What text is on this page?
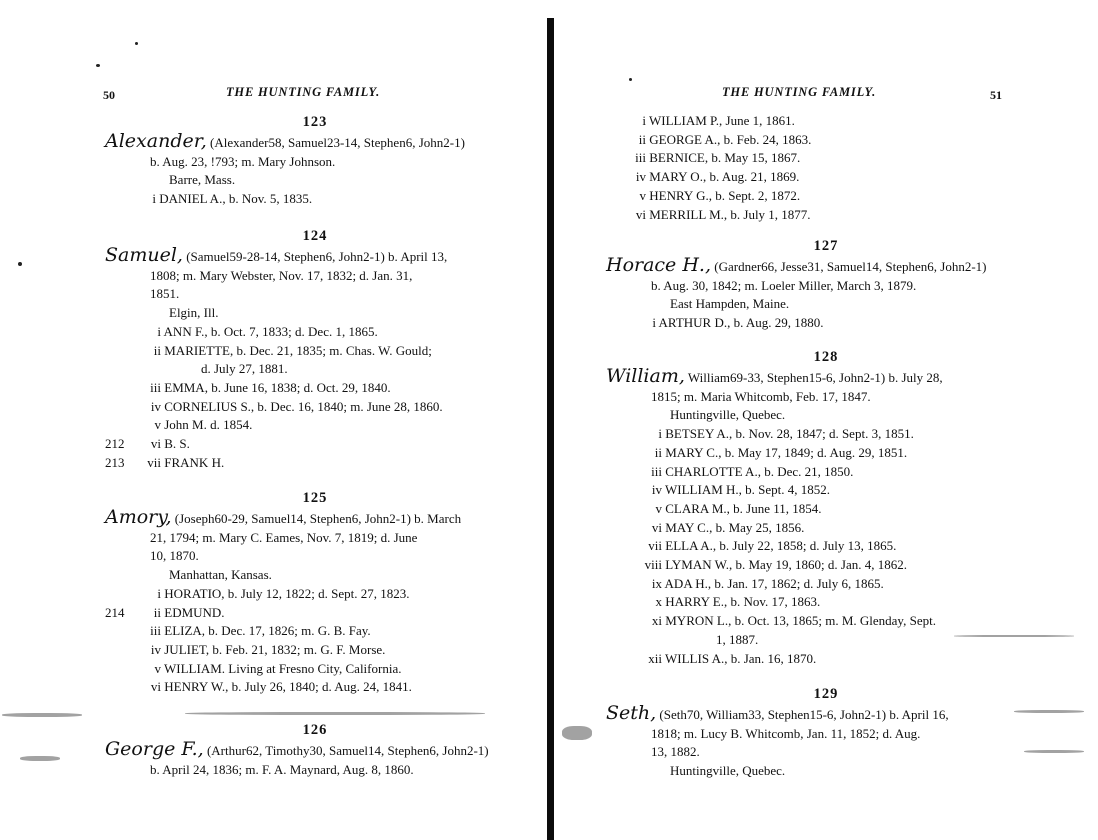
50	THE HUNTING FAMILY.
123
Alexander, (Alexander58, Samuel23-14, Stephen6, John2-1)
b. Aug. 23, !793; m. Mary Johnson.
Barre, Mass.
i DANIEL A., b. Nov. 5, 1835.
124
Samuel, (Samuel59-28-14, Stephen6, John2-1) b. April 13,
1808; m. Mary Webster, Nov. 17, 1832; d. Jan. 31,
1851.
Elgin, Ill.
i ANN F., b. Oct. 7, 1833; d. Dec. 1, 1865.
ii MARIETTE, b. Dec. 21, 1835; m. Chas. W. Gould;
d. July 27, 1881.
iii EMMA, b. June 16, 1838; d. Oct. 29, 1840.
iv CORNELIUS S., b. Dec. 16, 1840; m. June 28, 1860.
v John M. d. 1854.
212 vi B. S.
213 vii FRANK H.
125
Amory, (Joseph60-29, Samuel14, Stephen6, John2-1) b. March
21, 1794; m. Mary C. Eames, Nov. 7, 1819; d. June
10, 1870.
Manhattan, Kansas.
i HORATIO, b. July 12, 1822; d. Sept. 27, 1823.
214 ii EDMUND.
iii ELIZA, b. Dec. 17, 1826; m. G. B. Fay.
iv JULIET, b. Feb. 21, 1832; m. G. F. Morse.
v WILLIAM. Living at Fresno City, California.
vi HENRY W., b. July 26, 1840; d. Aug. 24, 1841.
126
George F., (Arthur62, Timothy30, Samuel14, Stephen6, John2-1)
b. April 24, 1836; m. F. A. Maynard, Aug. 8, 1860.
THE HUNTING FAMILY.	51
i WILLIAM P., June 1, 1861.
ii GEORGE A., b. Feb. 24, 1863.
iii BERNICE, b. May 15, 1867.
iv MARY O., b. Aug. 21, 1869.
v HENRY G., b. Sept. 2, 1872.
vi MERRILL M., b. July 1, 1877.
127
Horace H., (Gardner66, Jesse31, Samuel14, Stephen6, John2-1)
b. Aug. 30, 1842; m. Loeler Miller, March 3, 1879.
East Hampden, Maine.
i ARTHUR D., b. Aug. 29, 1880.
128
William, William69-33, Stephen15-6, John2-1) b. July 28,
1815; m. Maria Whitcomb, Feb. 17, 1847.
Huntingville, Quebec.
i BETSEY A., b. Nov. 28, 1847; d. Sept. 3, 1851.
ii MARY C., b. May 17, 1849; d. Aug. 29, 1851.
iii CHARLOTTE A., b. Dec. 21, 1850.
iv WILLIAM H., b. Sept. 4, 1852.
v CLARA M., b. June 11, 1854.
vi MAY C., b. May 25, 1856.
vii ELLA A., b. July 22, 1858; d. July 13, 1865.
viii LYMAN W., b. May 19, 1860; d. Jan. 4, 1862.
ix ADA H., b. Jan. 17, 1862; d. July 6, 1865.
x HARRY E., b. Nov. 17, 1863.
xi MYRON L., b. Oct. 13, 1865; m. M. Glenday, Sept.
1, 1887.
xii WILLIS A., b. Jan. 16, 1870.
129
Seth, (Seth70, William33, Stephen15-6, John2-1) b. April 16,
1818; m. Lucy B. Whitcomb, Jan. 11, 1852; d. Aug.
13, 1882.
Huntingville, Quebec.
